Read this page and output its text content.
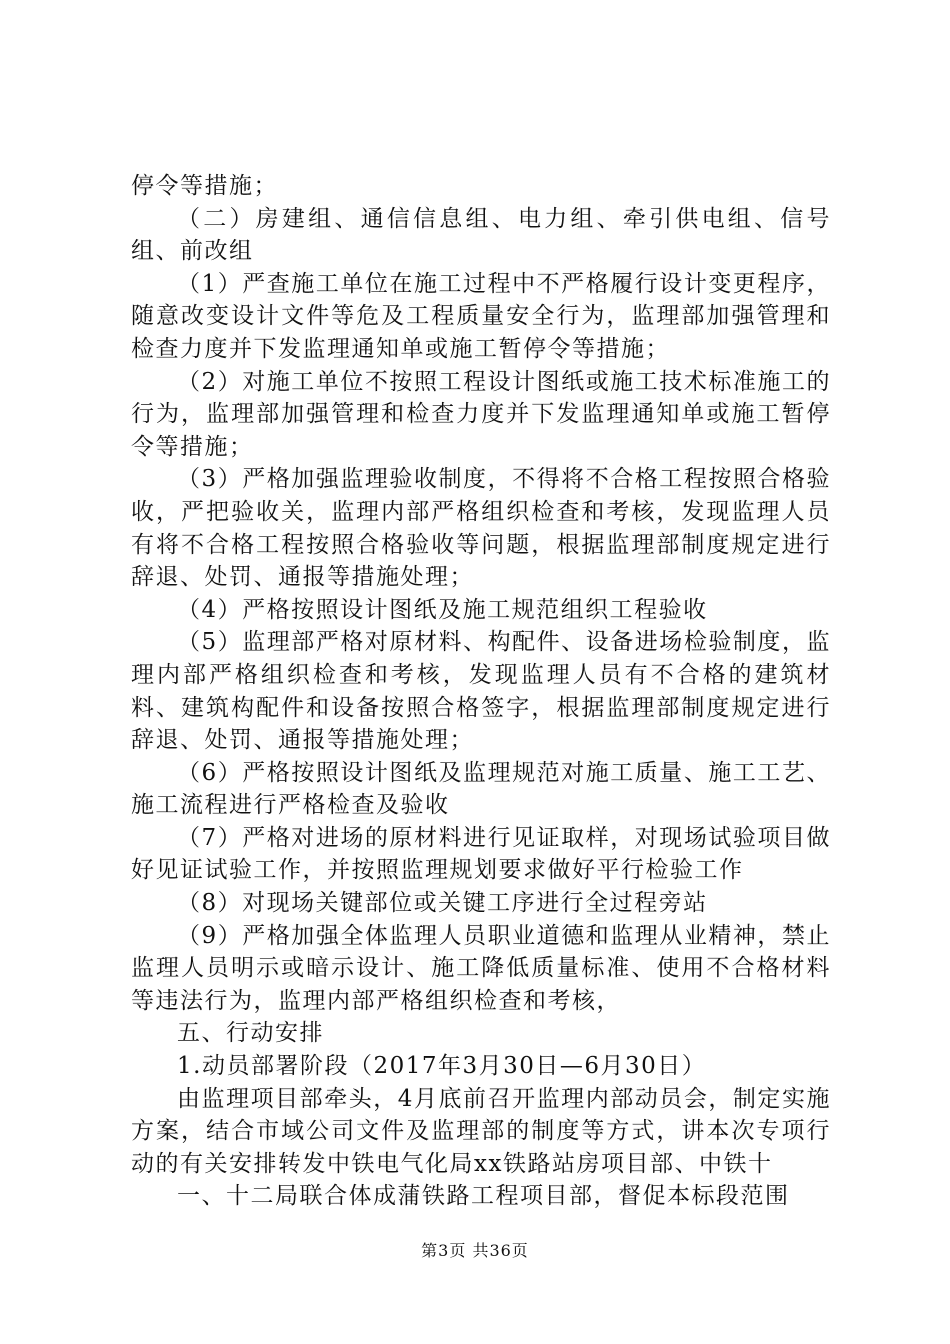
停令等措施；

（二）房建组、通信信息组、电力组、牵引供电组、信号组、前改组

（1）严查施工单位在施工过程中不严格履行设计变更程序，随意改变设计文件等危及工程质量安全行为，监理部加强管理和检查力度并下发监理通知单或施工暂停令等措施；

（2）对施工单位不按照工程设计图纸或施工技术标准施工的行为，监理部加强管理和检查力度并下发监理通知单或施工暂停令等措施；

（3）严格加强监理验收制度，不得将不合格工程按照合格验收，严把验收关，监理内部严格组织检查和考核，发现监理人员有将不合格工程按照合格验收等问题，根据监理部制度规定进行辞退、处罚、通报等措施处理；

（4）严格按照设计图纸及施工规范组织工程验收

（5）监理部严格对原材料、构配件、设备进场检验制度，监理内部严格组织检查和考核，发现监理人员有不合格的建筑材料、建筑构配件和设备按照合格签字，根据监理部制度规定进行辞退、处罚、通报等措施处理；

（6）严格按照设计图纸及监理规范对施工质量、施工工艺、施工流程进行严格检查及验收

（7）严格对进场的原材料进行见证取样，对现场试验项目做好见证试验工作，并按照监理规划要求做好平行检验工作

（8）对现场关键部位或关键工序进行全过程旁站

（9）严格加强全体监理人员职业道德和监理从业精神，禁止监理人员明示或暗示设计、施工降低质量标准、使用不合格材料等违法行为，监理内部严格组织检查和考核，

五、行动安排

1.动员部署阶段（2017年3月30日—6月30日）

由监理项目部牵头，4月底前召开监理内部动员会，制定实施方案，结合市域公司文件及监理部的制度等方式，讲本次专项行动的有关安排转发中铁电气化局xx铁路站房项目部、中铁十

一、十二局联合体成蒲铁路工程项目部，督促本标段范围

第3页 共36页
